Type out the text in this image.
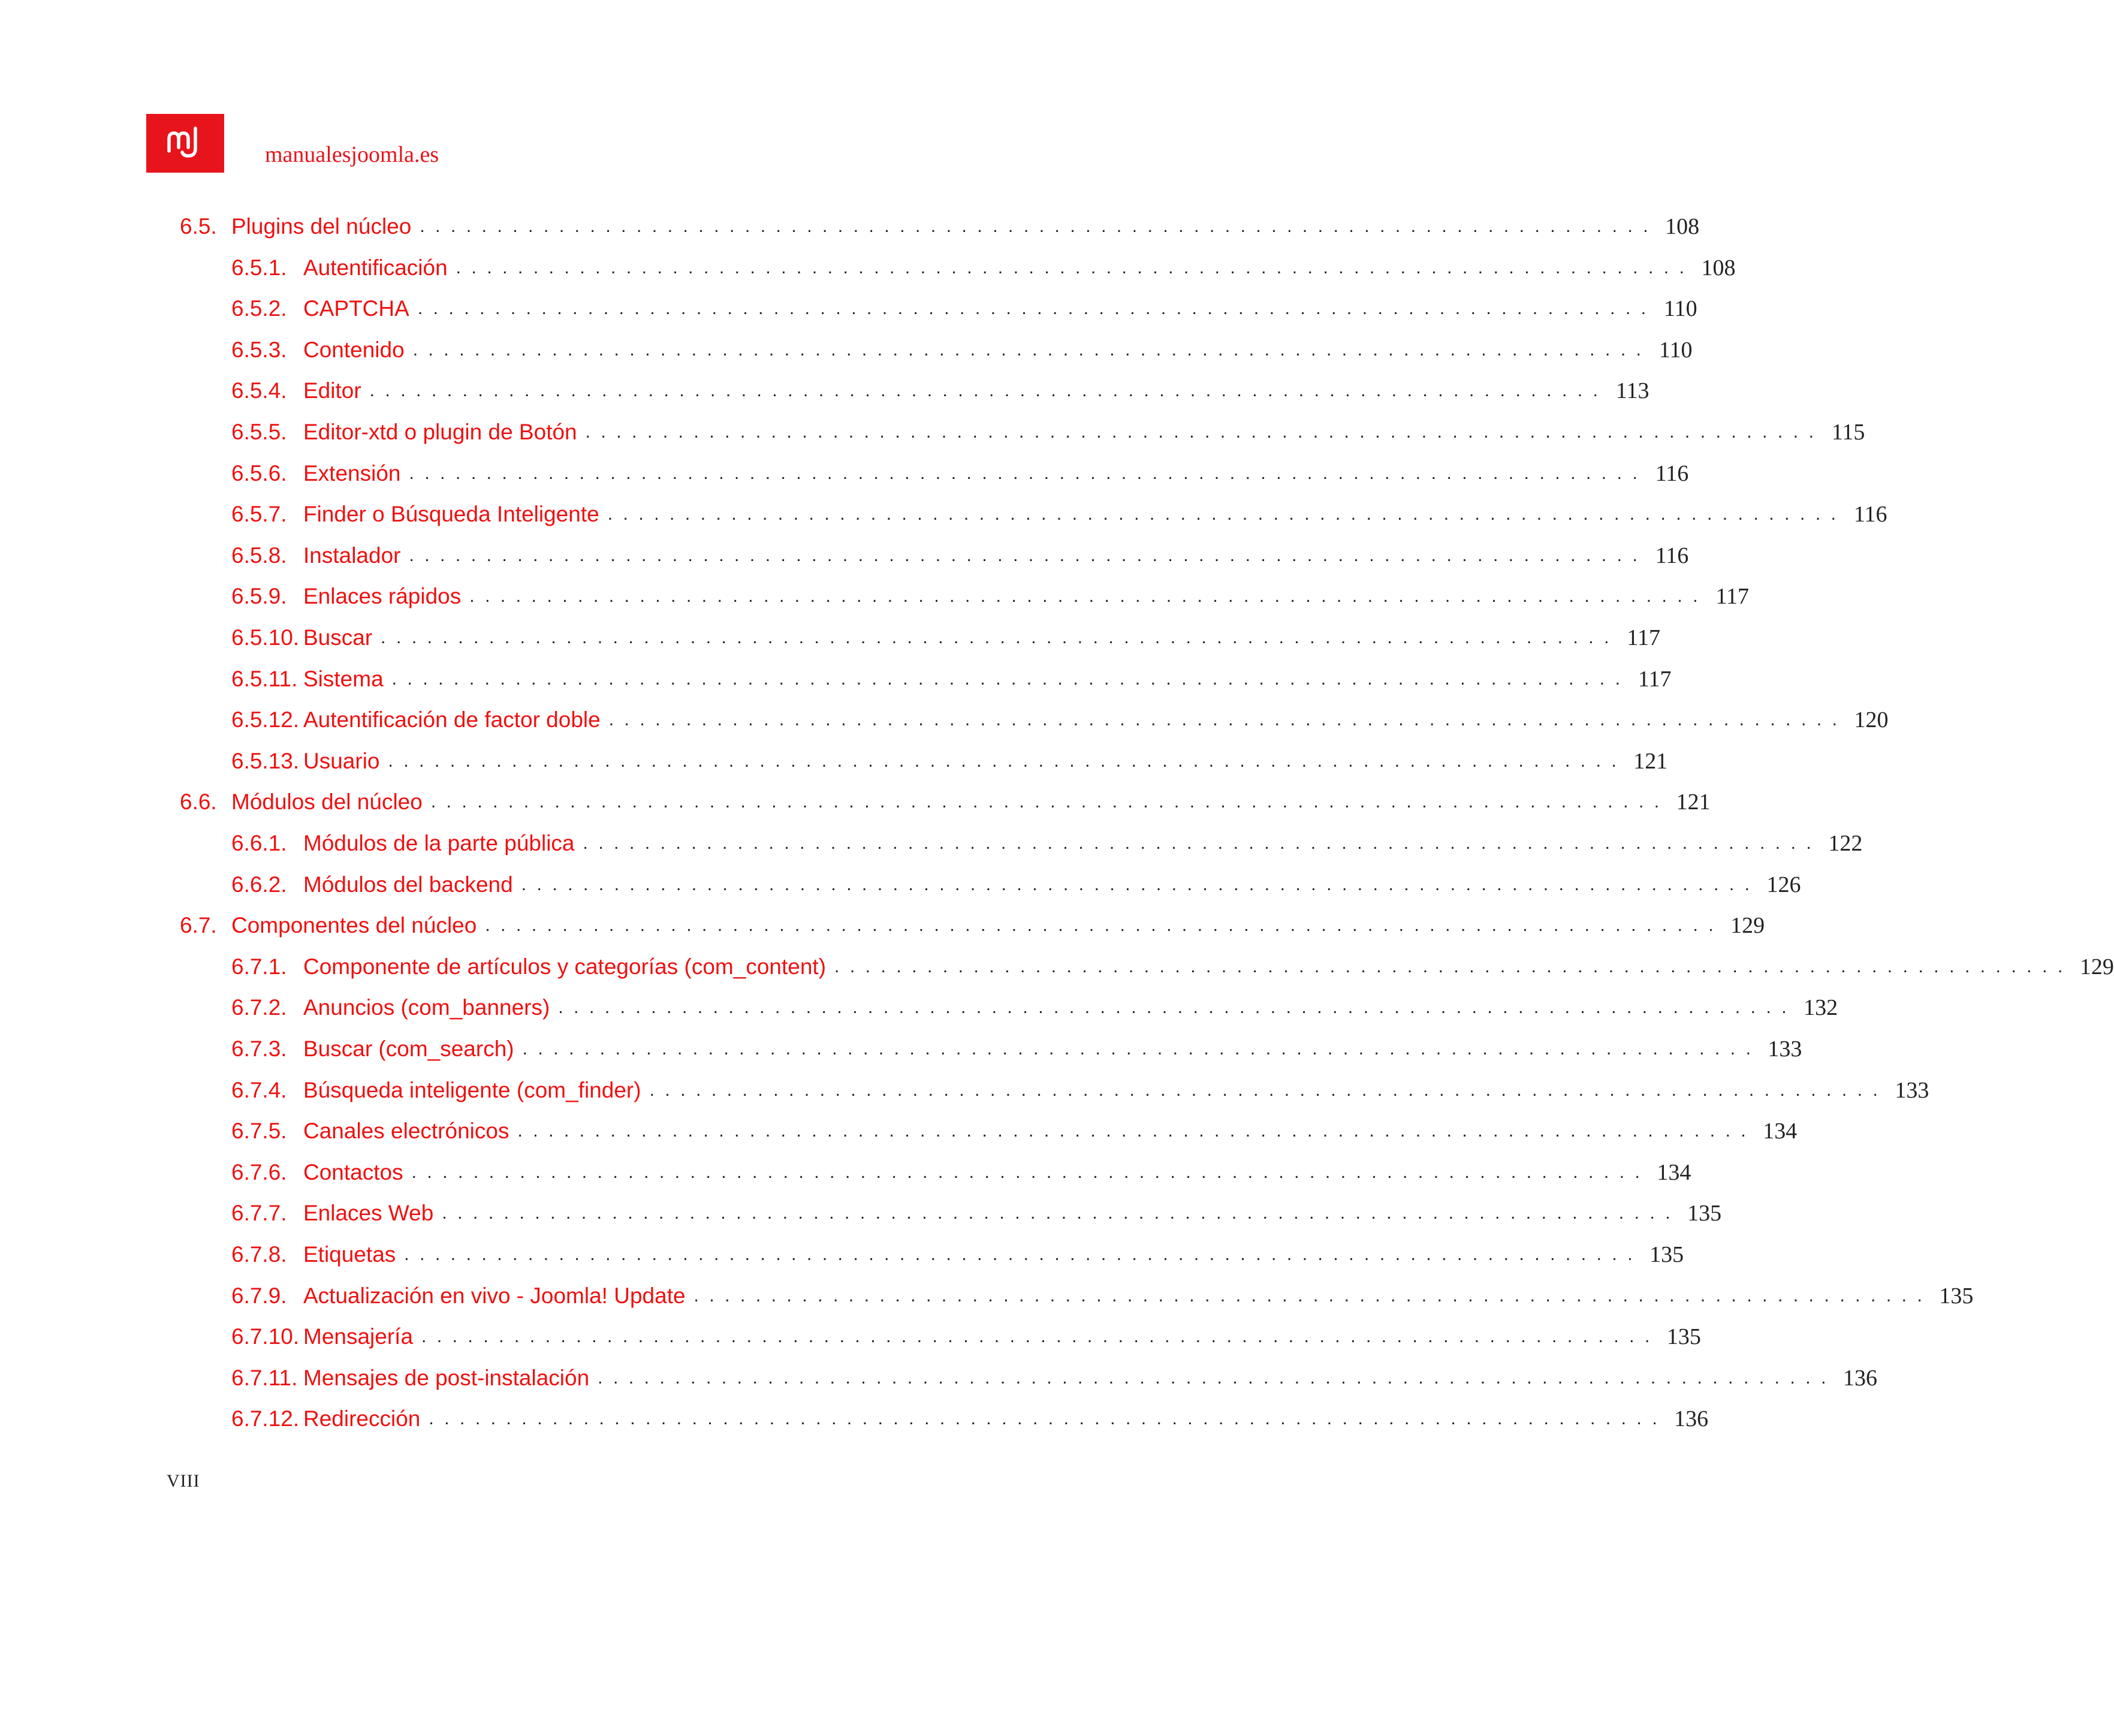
manualesjoomla.es
6.5. Plugins del núcleo ................................................................................ 108
6.5.1. Autentificación ................................................................................ 108
6.5.2. CAPTCHA ................................................................................ 110
6.5.3. Contenido ................................................................................ 110
6.5.4. Editor ................................................................................ 113
6.5.5. Editor-xtd o plugin de Botón ................................................................................ 115
6.5.6. Extensión ................................................................................ 116
6.5.7. Finder o Búsqueda Inteligente ................................................................................ 116
6.5.8. Instalador ................................................................................ 116
6.5.9. Enlaces rápidos ................................................................................ 117
6.5.10. Buscar ................................................................................ 117
6.5.11. Sistema ................................................................................ 117
6.5.12. Autentificación de factor doble ................................................................................ 120
6.5.13. Usuario ................................................................................ 121
6.6. Módulos del núcleo ................................................................................ 121
6.6.1. Módulos de la parte pública ................................................................................ 122
6.6.2. Módulos del backend ................................................................................ 126
6.7. Componentes del núcleo ................................................................................ 129
6.7.1. Componente de artículos y categorías (com_content) ................................................................................ 129
6.7.2. Anuncios (com_banners) ................................................................................ 132
6.7.3. Buscar (com_search) ................................................................................ 133
6.7.4. Búsqueda inteligente (com_finder) ................................................................................ 133
6.7.5. Canales electrónicos ................................................................................ 134
6.7.6. Contactos ................................................................................ 134
6.7.7. Enlaces Web ................................................................................ 135
6.7.8. Etiquetas ................................................................................ 135
6.7.9. Actualización en vivo - Joomla! Update ................................................................................ 135
6.7.10. Mensajería ................................................................................ 135
6.7.11. Mensajes de post-instalación ................................................................................ 136
6.7.12. Redirección ................................................................................ 136
VIII
